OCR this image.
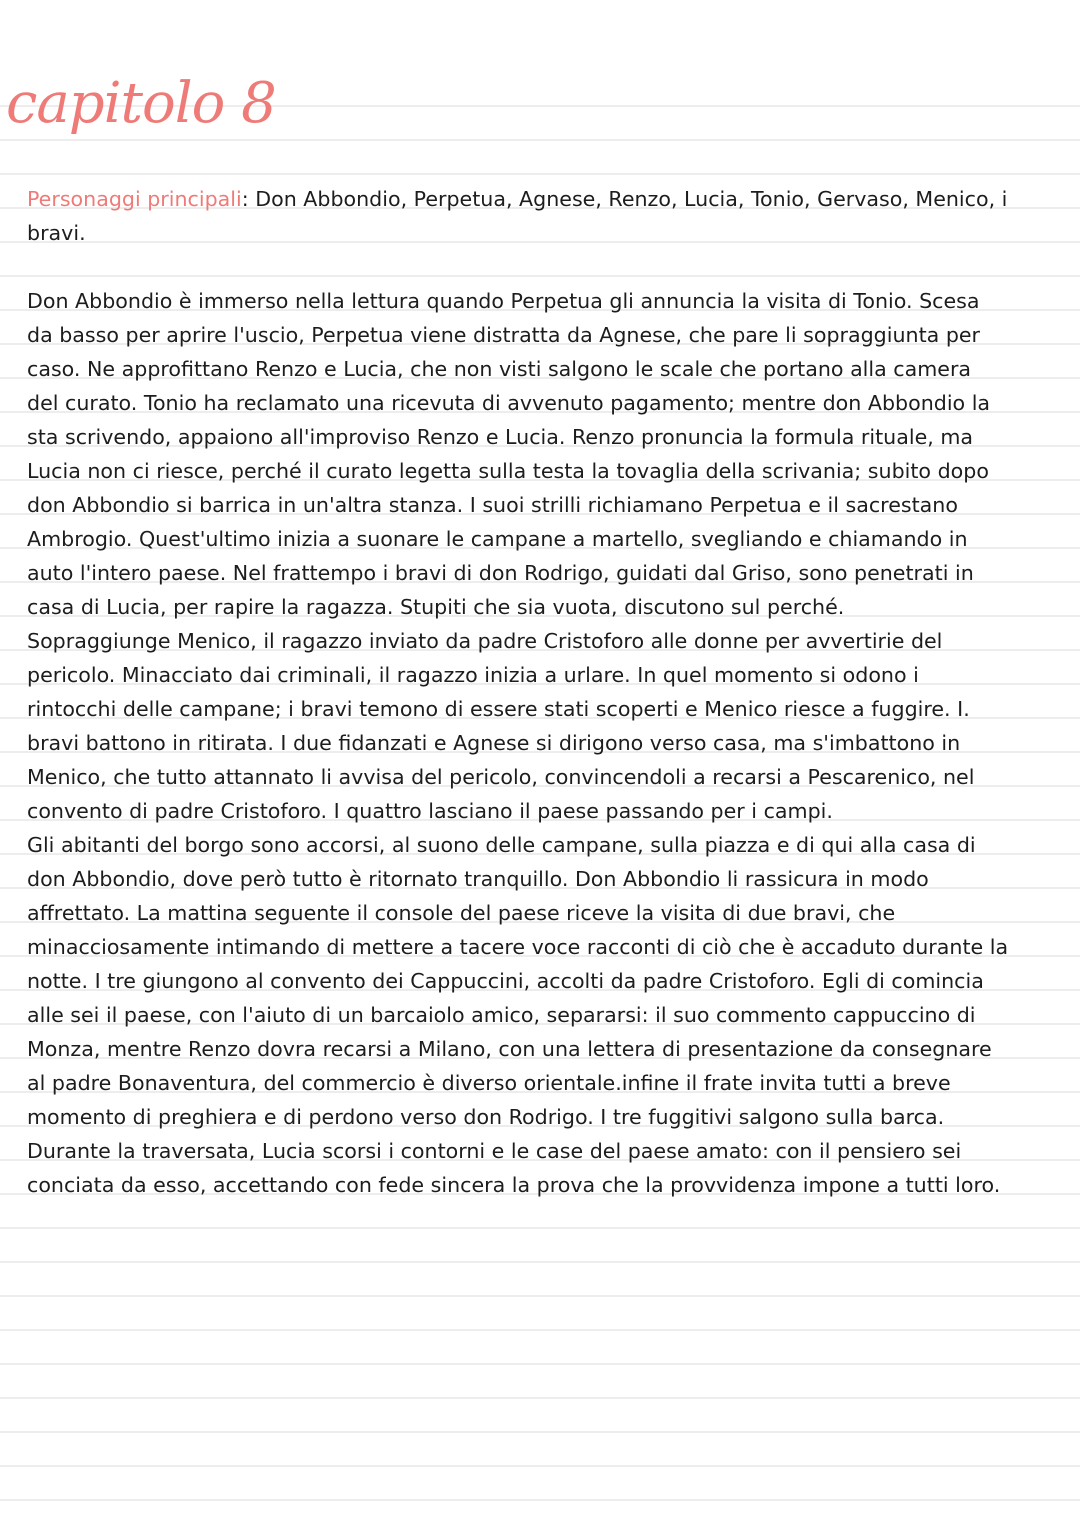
capitolo 8

Personaggi principali: Don Abbondio, Perpetua, Agnese, Renzo, Lucia, Tonio, Gervaso, Menico, i
bravi.

Don Abbondio è immerso nella lettura quando Perpetua gli annuncia la visita di Tonio. Scesa
da basso per aprire l'uscio, Perpetua viene distratta da Agnese, che pare li sopraggiunta per
caso. Ne approfittano Renzo e Lucia, che non visti salgono le scale che portano alla camera
del curato. Tonio ha reclamato una ricevuta di avvenuto pagamento; mentre don Abbondio la
sta scrivendo, appaiono all'improviso Renzo e Lucia. Renzo pronuncia la formula rituale, ma
Lucia non ci riesce, perché il curato legetta sulla testa la tovaglia della scrivania; subito dopo
don Abbondio si barrica in un'altra stanza. I suoi strilli richiamano Perpetua e il sacrestano
Ambrogio. Quest'ultimo inizia a suonare le campane a martello, svegliando e chiamando in
auto l'intero paese. Nel frattempo i bravi di don Rodrigo, guidati dal Griso, sono penetrati in
casa di Lucia, per rapire la ragazza. Stupiti che sia vuota, discutono sul perché.
Sopraggiunge Menico, il ragazzo inviato da padre Cristoforo alle donne per avvertirie del
pericolo. Minacciato dai criminali, il ragazzo inizia a urlare. In quel momento si odono i
rintocchi delle campane; i bravi temono di essere stati scoperti e Menico riesce a fuggire. I.
bravi battono in ritirata. I due fidanzati e Agnese si dirigono verso casa, ma s'imbattono in
Menico, che tutto attannato li avvisa del pericolo, convincendoli a recarsi a Pescarenico, nel
convento di padre Cristoforo. I quattro lasciano il paese passando per i campi.
Gli abitanti del borgo sono accorsi, al suono delle campane, sulla piazza e di qui alla casa di
don Abbondio, dove però tutto è ritornato tranquillo. Don Abbondio li rassicura in modo
affrettato. La mattina seguente il console del paese riceve la visita di due bravi, che
minacciosamente intimando di mettere a tacere voce racconti di ciò che è accaduto durante la
notte. I tre giungono al convento dei Cappuccini, accolti da padre Cristoforo. Egli di comincia
alle sei il paese, con l'aiuto di un barcaiolo amico, separarsi: il suo commento cappuccino di
Monza, mentre Renzo dovra recarsi a Milano, con una lettera di presentazione da consegnare
al padre Bonaventura, del commercio è diverso orientale.infine il frate invita tutti a breve
momento di preghiera e di perdono verso don Rodrigo. I tre fuggitivi salgono sulla barca.
Durante la traversata, Lucia scorsi i contorni e le case del paese amato: con il pensiero sei
conciata da esso, accettando con fede sincera la prova che la provvidenza impone a tutti loro.
